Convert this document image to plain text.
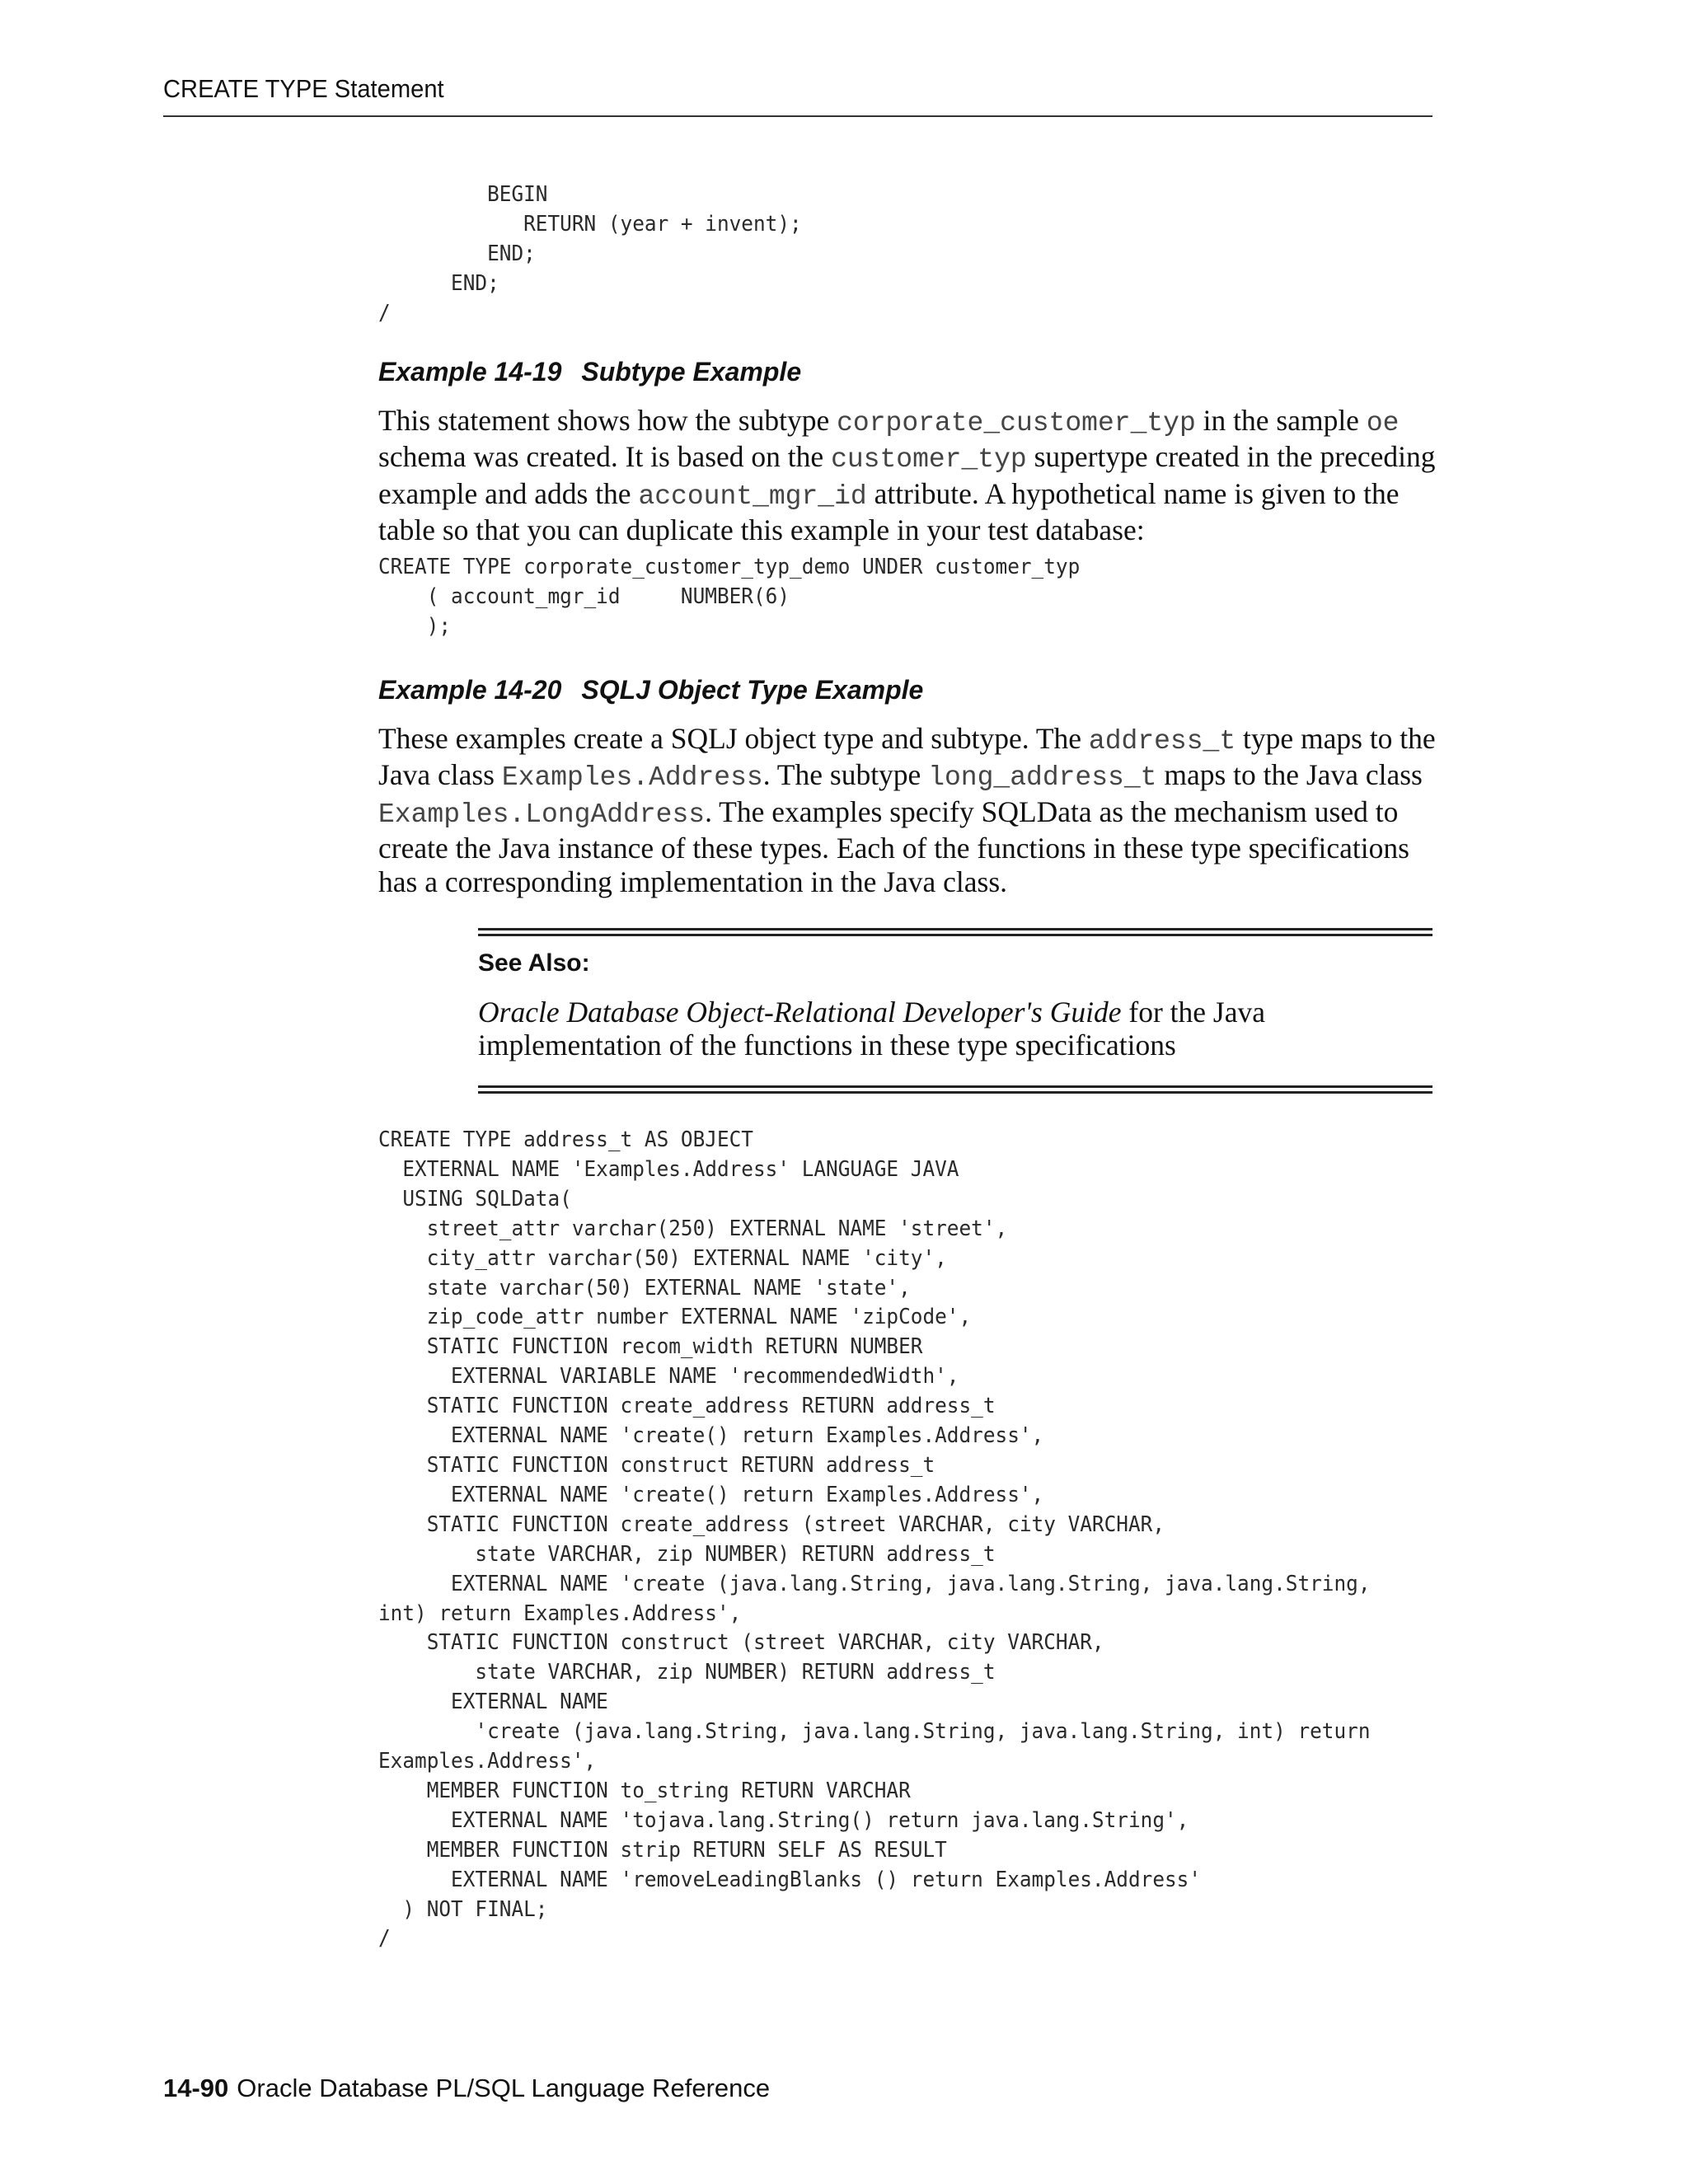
CREATE TYPE Statement
BEGIN
RETURN (year + invent);
END;
END;
/
Example 14-19 Subtype Example

This statement shows how the subtype corporate_customer_typ in the sample oe schema was created. It is based on the customer_typ supertype created in the preceding example and adds the account_mgr_id attribute. A hypothetical name is given to the table so that you can duplicate this example in your test database:

CREATE TYPE corporate_customer_typ_demo UNDER customer_typ
( account_mgr_id     NUMBER(6)
);
Example 14-20 SQLJ Object Type Example

These examples create a SQLJ object type and subtype. The address_t type maps to the Java class Examples.Address. The subtype long_address_t maps to the Java class Examples.LongAddress. The examples specify SQLData as the mechanism used to create the Java instance of these types. Each of the functions in these type specifications has a corresponding implementation in the Java class.

See Also:

Oracle Database Object-Relational Developer's Guide for the Java implementation of the functions in these type specifications

CREATE TYPE address_t AS OBJECT
EXTERNAL NAME 'Examples.Address' LANGUAGE JAVA
USING SQLData(
street_attr varchar(250) EXTERNAL NAME 'street',
city_attr varchar(50) EXTERNAL NAME 'city',
state varchar(50) EXTERNAL NAME 'state',
zip_code_attr number EXTERNAL NAME 'zipCode',
STATIC FUNCTION recom_width RETURN NUMBER
EXTERNAL VARIABLE NAME 'recommendedWidth',
STATIC FUNCTION create_address RETURN address_t
EXTERNAL NAME 'create() return Examples.Address',
STATIC FUNCTION construct RETURN address_t
EXTERNAL NAME 'create() return Examples.Address',
STATIC FUNCTION create_address (street VARCHAR, city VARCHAR,
state VARCHAR, zip NUMBER) RETURN address_t
EXTERNAL NAME 'create (java.lang.String, java.lang.String, java.lang.String,
int) return Examples.Address',
STATIC FUNCTION construct (street VARCHAR, city VARCHAR,
state VARCHAR, zip NUMBER) RETURN address_t
EXTERNAL NAME
'create (java.lang.String, java.lang.String, java.lang.String, int) return
Examples.Address',
MEMBER FUNCTION to_string RETURN VARCHAR
EXTERNAL NAME 'tojava.lang.String() return java.lang.String',
MEMBER FUNCTION strip RETURN SELF AS RESULT
EXTERNAL NAME 'removeLeadingBlanks () return Examples.Address'
) NOT FINAL;
/
14-90 Oracle Database PL/SQL Language Reference
